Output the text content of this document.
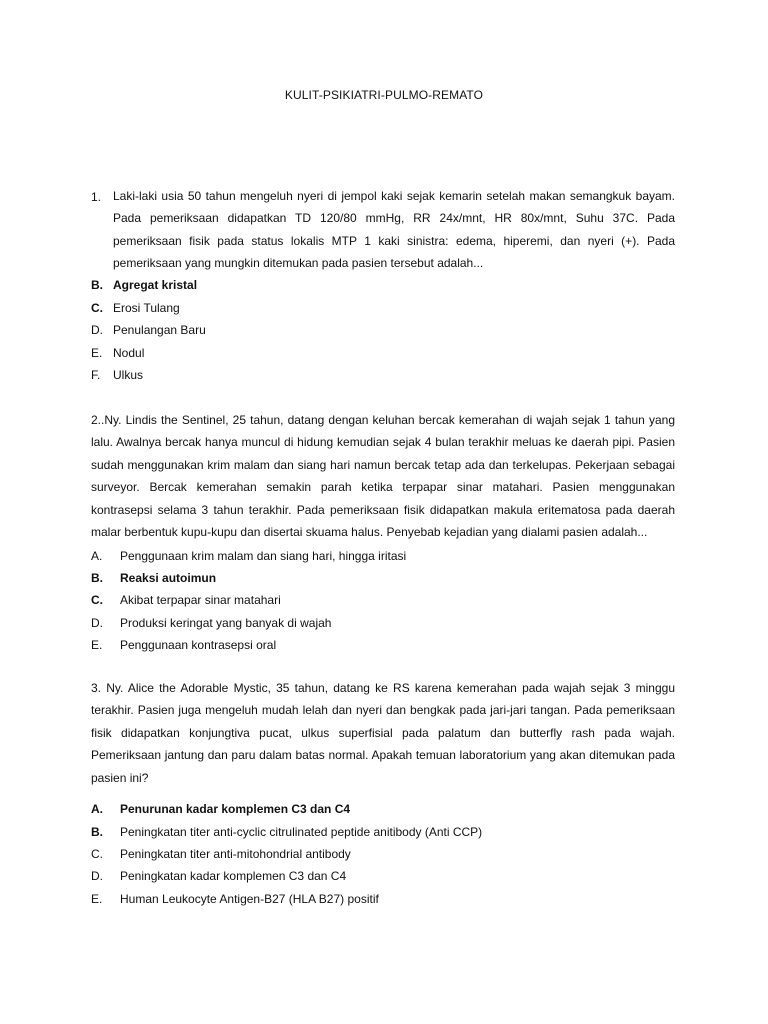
KULIT-PSIKIATRI-PULMO-REMATO
1. Laki-laki usia 50 tahun mengeluh nyeri di jempol kaki sejak kemarin setelah makan semangkuk bayam. Pada pemeriksaan didapatkan TD 120/80 mmHg, RR 24x/mnt, HR 80x/mnt, Suhu 37C. Pada pemeriksaan fisik pada status lokalis MTP 1 kaki sinistra: edema, hiperemi, dan nyeri (+). Pada pemeriksaan yang mungkin ditemukan pada pasien tersebut adalah...
B. Agregat kristal
C. Erosi Tulang
D. Penulangan Baru
E. Nodul
F.	Ulkus
2..Ny. Lindis the Sentinel, 25 tahun, datang dengan keluhan bercak kemerahan di wajah sejak 1 tahun yang lalu. Awalnya bercak hanya muncul di hidung kemudian sejak 4 bulan terakhir meluas ke daerah pipi. Pasien sudah menggunakan krim malam dan siang hari namun bercak tetap ada dan terkelupas. Pekerjaan sebagai surveyor. Bercak kemerahan semakin parah ketika terpapar sinar matahari. Pasien menggunakan kontrasepsi selama 3 tahun terakhir. Pada pemeriksaan fisik didapatkan makula eritematosa pada daerah malar berbentuk kupu-kupu dan disertai skuama halus. Penyebab kejadian yang dialami pasien adalah...
A.	Penggunaan krim malam dan siang hari, hingga iritasi
B.	Reaksi autoimun
C.	Akibat terpapar sinar matahari
D.	Produksi keringat yang banyak di wajah
E.	Penggunaan kontrasepsi oral
3. Ny. Alice the Adorable Mystic, 35 tahun, datang ke RS karena kemerahan pada wajah sejak 3 minggu terakhir. Pasien juga mengeluh mudah lelah dan nyeri dan bengkak pada jari-jari tangan. Pada pemeriksaan fisik didapatkan konjungtiva pucat, ulkus superfisial pada palatum dan butterfly rash pada wajah. Pemeriksaan jantung dan paru dalam batas normal. Apakah temuan laboratorium yang akan ditemukan pada pasien ini?
A.	Penurunan kadar komplemen C3 dan C4
B.	Peningkatan titer anti-cyclic citrulinated peptide anitibody (Anti CCP)
C.	Peningkatan titer anti-mitohondrial antibody
D.	Peningkatan kadar komplemen C3 dan C4
E.	Human Leukocyte Antigen-B27 (HLA B27) positif
